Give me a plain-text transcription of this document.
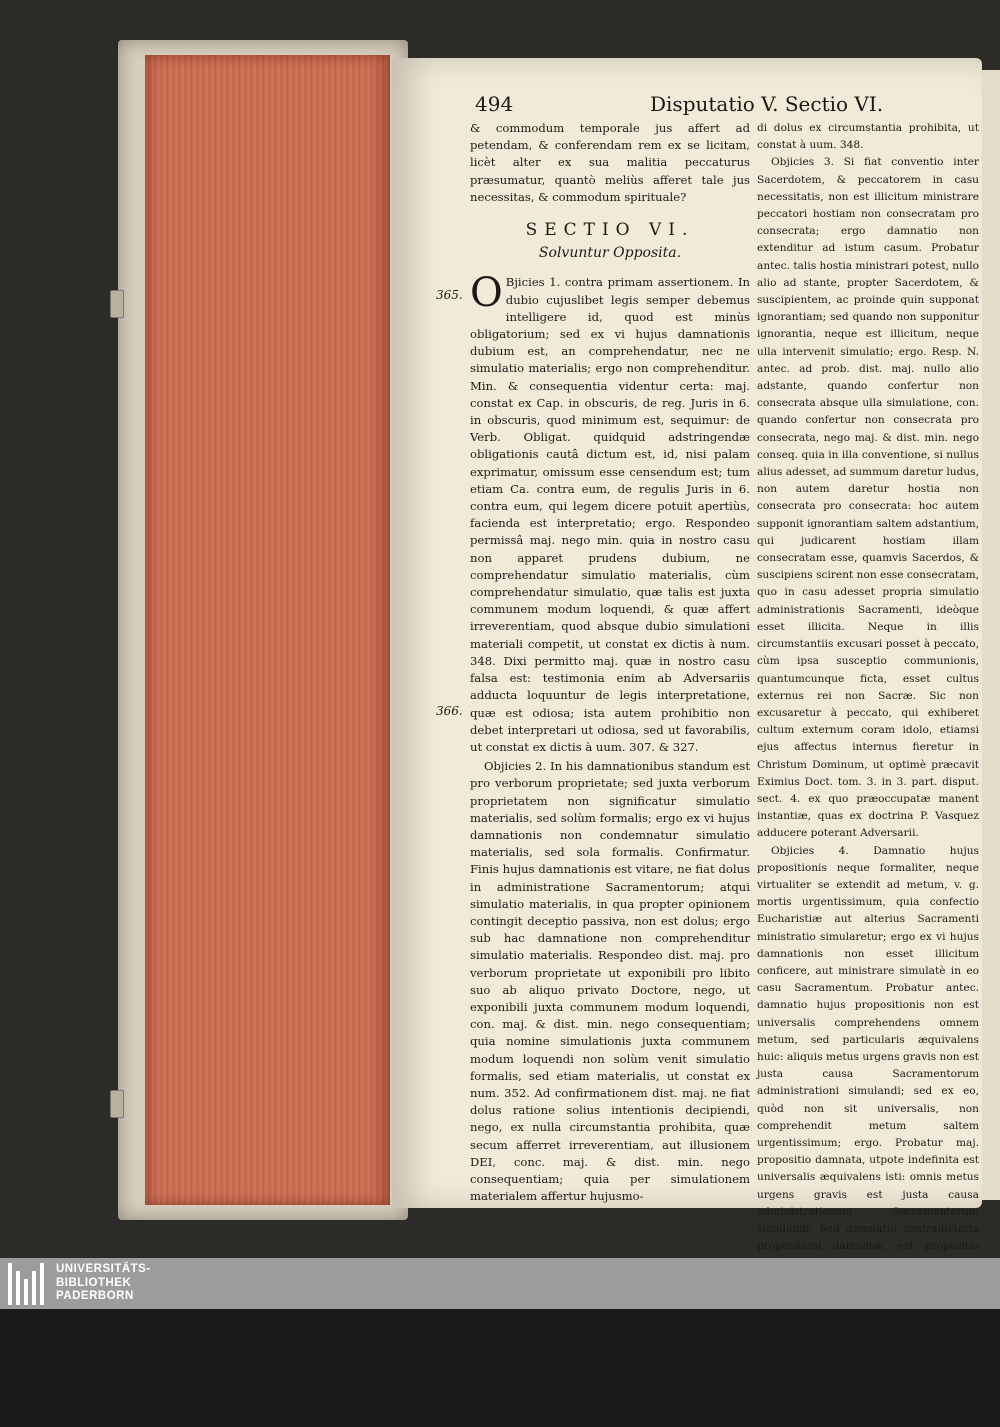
494	Disputatio V. Sectio VI.
365.
366.

& commodum temporale jus affert ad petendam, & conferendam rem ex se licitam, licèt alter ex sua malitia peccaturus præsumatur, quantò meliùs afferet tale jus necessitas, & commodum spirituale?

SECTIO VI.
Solvuntur Opposita.

O Bjicies 1. contra primam assertionem. In dubio cujuslibet legis semper debemus intelligere id, quod est minùs obligatorium; sed ex vi hujus damnationis dubium est, an comprehendatur, nec ne simulatio materialis; ergo non comprehenditur. Min. & consequentia videntur certa: maj. constat ex Cap. in obscuris, de reg. Juris in 6. in obscuris, quod minimum est, sequimur: de Verb. Obligat. quidquid adstringendæ obligationis cautâ dictum est, id, nisi palam exprimatur, omissum esse censendum est; tum etiam Ca. contra eum, de regulis Juris in 6. contra eum, qui legem dicere potuit apertiùs, facienda est interpretatio; ergo. Respondeo permissâ maj. nego min. quia in nostro casu non apparet prudens dubium, ne comprehendatur simulatio materialis, cùm comprehendatur simulatio, quæ talis est juxta communem modum loquendi, & quæ affert irreverentiam, quod absque dubio simulationi materiali competit, ut constat ex dictis à num. 348. Dixi permitto maj. quæ in nostro casu falsa est: testimonia enim ab Adversariis adducta loquuntur de legis interpretatione, quæ est odiosa; ista autem prohibitio non debet interpretari ut odiosa, sed ut favorabilis, ut constat ex dictis à uum. 307. & 327.

Objicies 2. In his damnationibus standum est pro verborum proprietate; sed juxta verborum proprietatem non significatur simulatio materialis, sed solùm formalis; ergo ex vi hujus damnationis non condemnatur simulatio materialis, sed sola formalis. Confirmatur. Finis hujus damnationis est vitare, ne fiat dolus in administratione Sacramentorum; atqui simulatio materialis, in qua propter opinionem contingit deceptio passiva, non est dolus; ergo sub hac damnatione non comprehenditur simulatio materialis. Respondeo dist. maj. pro verborum proprietate ut exponibili pro libito suo ab aliquo privato Doctore, nego, ut exponibili juxta communem modum loquendi, con. maj. & dist. min. nego consequentiam; quia nomine simulationis juxta communem modum loquendi non solùm venit simulatio formalis, sed etiam materialis, ut constat ex num. 352. Ad confirmationem dist. maj. ne fiat dolus ratione solius intentionis decipiendi, nego, ex nulla circumstantia prohibita, quæ secum afferret irreverentiam, aut illusionem DEI, conc. maj. & dist. min. nego consequentiam; quia per simulationem materialem affertur hujusmo-

di dolus ex circumstantia prohibita, ut constat à uum. 348.

Objicies 3. Si fiat conventio inter Sacerdotem, & peccatorem in casu necessitatis, non est illicitum ministrare peccatori hostiam non consecratam pro consecrata; ergo damnatio non extenditur ad istum casum. Probatur antec. talis hostia ministrari potest, nullo alio ad stante, propter Sacerdotem, & suscipientem, ac proinde quin supponat ignorantiam; sed quando non supponitur ignorantia, neque est illicitum, neque ulla intervenit simulatio; ergo. Resp. N. antec. ad prob. dist. maj. nullo alio adstante, quando confertur non consecrata absque ulla simulatione, con. quando confertur non consecrata pro consecrata, nego maj. & dist. min. nego conseq. quia in illa conventione, si nullus alius adesset, ad summum daretur ludus, non autem daretur hostia non consecrata pro consecrata: hoc autem supponit ignorantiam saltem adstantium, qui judicarent hostiam illam consecratam esse, quamvis Sacerdos, & suscipiens scirent non esse consecratam, quo in casu adesset propria simulatio administrationis Sacramenti, ideòque esset illicita. Neque in illis circumstantiis excusari posset à peccato, cùm ipsa susceptio communionis, quantumcunque ficta, esset cultus externus rei non Sacræ. Sic non excusaretur à peccato, qui exhiberet cultum externum coram idolo, etiamsi ejus affectus internus fieretur in Christum Dominum, ut optimè præcavit Eximius Doct. tom. 3. in 3. part. disput. sect. 4. ex quo præoccupatæ manent instantiæ, quas ex doctrina P. Vasquez adducere poterant Adversarii.

Objicies 4. Damnatio hujus propositionis neque formaliter, neque virtualiter se extendit ad metum, v. g. mortis urgentissimum, quia confectio Eucharistiæ aut alterius Sacramenti ministratio simularetur; ergo ex vi hujus damnationis non esset illicitum conficere, aut ministrare simulatè in eo casu Sacramentum. Probatur antec. damnatio hujus propositionis non est universalis comprehendens omnem metum, sed particularis æquivalens huic: aliquis metus urgens gravis non est justa causa Sacramentorum administrationi simulandi; sed ex eo, quòd non sit universalis, non comprehendit metum saltem urgentissimum; ergo. Probatur maj. propositio damnata, utpote indefinita est universalis æquivalens isti: omnis metus urgens gravis est justa causa administrationem Sacramentorum simulandi; Sed damnatio contradictoria propositioni damnatæ, est propositio particularis.

Confirmatur; à particulari non valet argumentum ad singularem, neque à propositione indeterminata ad determinatam; ergo non valet ista argumentatio: aliquis metus urgens gravis

UNIVERSITÄTS-
BIBLIOTHEK
PADERBORN
